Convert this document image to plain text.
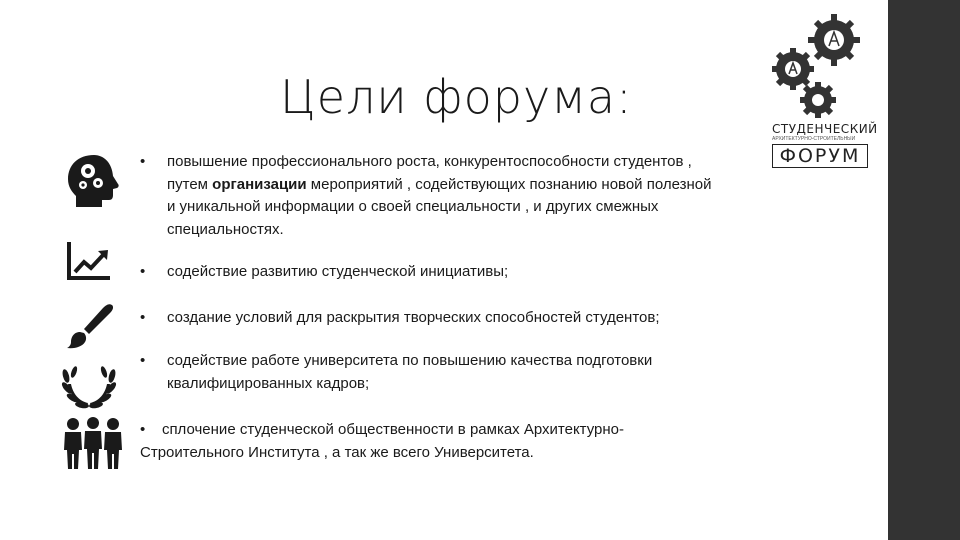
Цели форума:
СТУДЕНЧЕСКИЙ
АРХИТЕКТУРНО-СТРОИТЕЛЬНЫЙ
ФОРУМ
•	повышение профессионального роста, конкурентоспособности студентов ,
путем организации мероприятий , содействующих познанию новой полезной
и уникальной информации о своей специальности , и других смежных
специальностях.
•	содействие развитию студенческой инициативы;
•	создание условий для раскрытия творческих способностей студентов;
•	содействие работе университета по повышению качества подготовки
квалифицированных кадров;
• сплочение студенческой общественности в рамках Архитектурно-
Строительного Института , а так же всего Университета.
